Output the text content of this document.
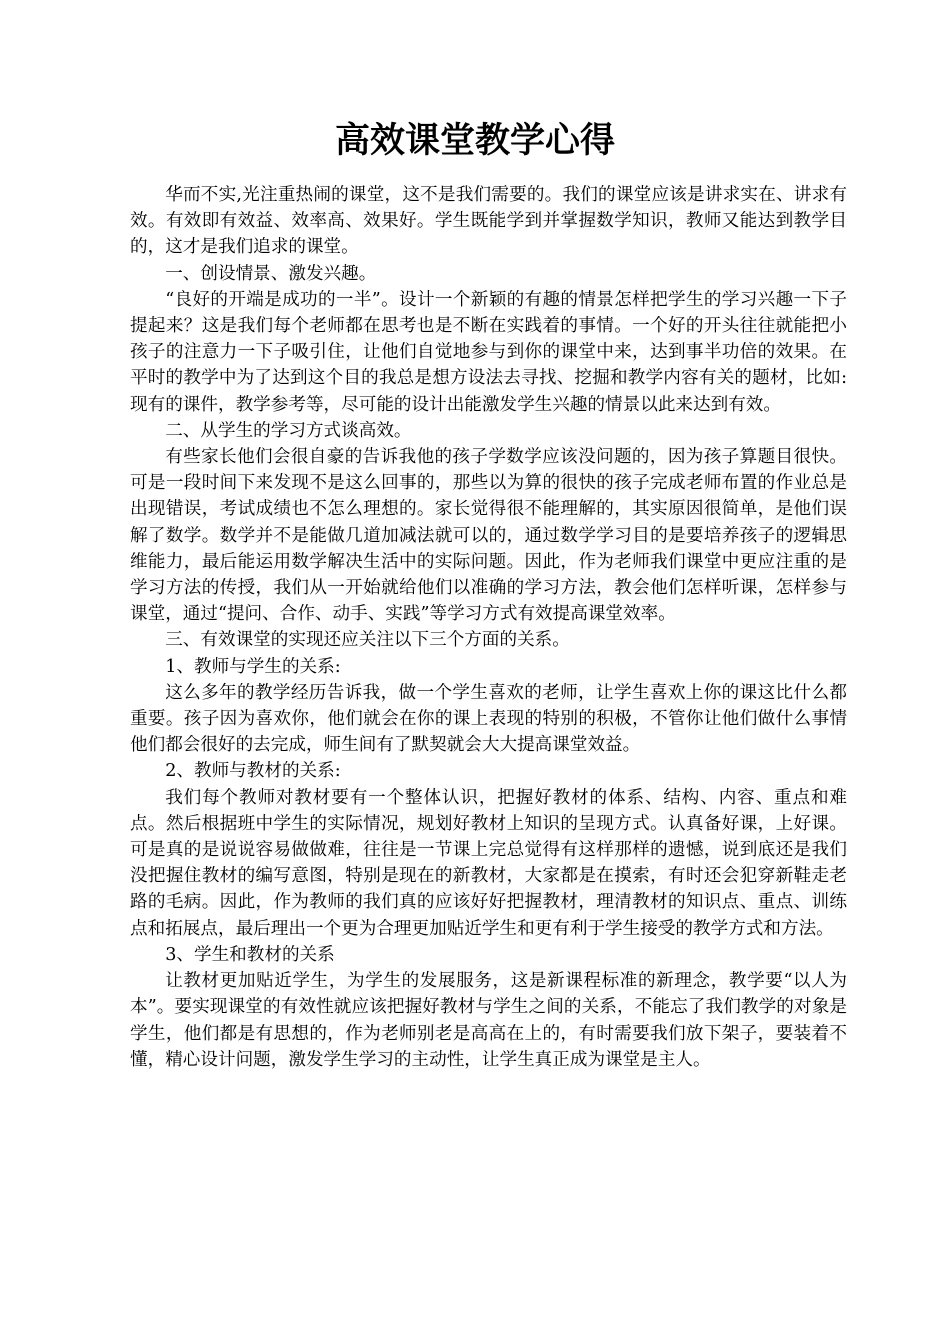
高效课堂教学心得

华而不实,光注重热闹的课堂，这不是我们需要的。我们的课堂应该是讲求实在、讲求有效。有效即有效益、效率高、效果好。学生既能学到并掌握数学知识，教师又能达到教学目的，这才是我们追求的课堂。

一、创设情景、激发兴趣。

“良好的开端是成功的一半”。设计一个新颖的有趣的情景怎样把学生的学习兴趣一下子提起来？这是我们每个老师都在思考也是不断在实践着的事情。一个好的开头往往就能把小孩子的注意力一下子吸引住，让他们自觉地参与到你的课堂中来，达到事半功倍的效果。在平时的教学中为了达到这个目的我总是想方设法去寻找、挖掘和教学内容有关的题材，比如:现有的课件，教学参考等，尽可能的设计出能激发学生兴趣的情景以此来达到有效。

二、从学生的学习方式谈高效。

有些家长他们会很自豪的告诉我他的孩子学数学应该没问题的，因为孩子算题目很快。可是一段时间下来发现不是这么回事的，那些以为算的很快的孩子完成老师布置的作业总是出现错误，考试成绩也不怎么理想的。家长觉得很不能理解的，其实原因很简单，是他们误解了数学。数学并不是能做几道加减法就可以的，通过数学学习目的是要培养孩子的逻辑思维能力，最后能运用数学解决生活中的实际问题。因此，作为老师我们课堂中更应注重的是学习方法的传授，我们从一开始就给他们以准确的学习方法，教会他们怎样听课，怎样参与课堂，通过“提问、合作、动手、实践”等学习方式有效提高课堂效率。

三、有效课堂的实现还应关注以下三个方面的关系。

1、教师与学生的关系:

这么多年的教学经历告诉我，做一个学生喜欢的老师，让学生喜欢上你的课这比什么都重要。孩子因为喜欢你，他们就会在你的课上表现的特别的积极，不管你让他们做什么事情他们都会很好的去完成，师生间有了默契就会大大提高课堂效益。

2、教师与教材的关系:

我们每个教师对教材要有一个整体认识，把握好教材的体系、结构、内容、重点和难点。然后根据班中学生的实际情况，规划好教材上知识的呈现方式。认真备好课，上好课。可是真的是说说容易做做难，往往是一节课上完总觉得有这样那样的遗憾，说到底还是我们没把握住教材的编写意图，特别是现在的新教材，大家都是在摸索，有时还会犯穿新鞋走老路的毛病。因此，作为教师的我们真的应该好好把握教材，理清教材的知识点、重点、训练点和拓展点，最后理出一个更为合理更加贴近学生和更有利于学生接受的教学方式和方法。

3、学生和教材的关系

让教材更加贴近学生，为学生的发展服务，这是新课程标准的新理念，教学要“以人为本”。要实现课堂的有效性就应该把握好教材与学生之间的关系，不能忘了我们教学的对象是学生，他们都是有思想的，作为老师别老是高高在上的，有时需要我们放下架子，要装着不懂，精心设计问题，激发学生学习的主动性，让学生真正成为课堂是主人。
